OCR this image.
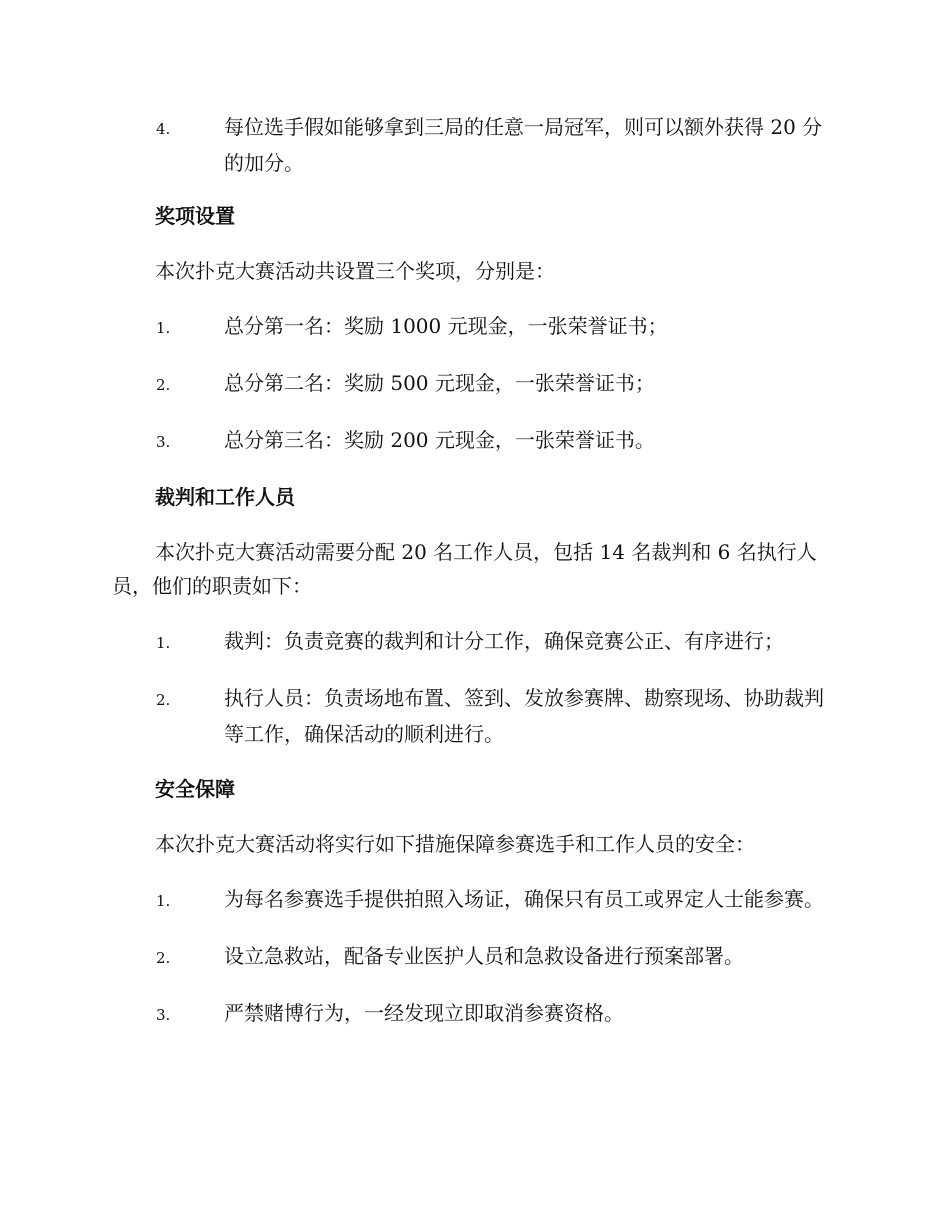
4.	每位选手假如能够拿到三局的任意一局冠军，则可以额外获得 20 分的加分。

奖项设置

本次扑克大赛活动共设置三个奖项，分别是：

1.	总分第一名：奖励 1000 元现金，一张荣誉证书；

2.	总分第二名：奖励 500 元现金，一张荣誉证书；

3.	总分第三名：奖励 200 元现金，一张荣誉证书。

裁判和工作人员

本次扑克大赛活动需要分配 20 名工作人员，包括 14 名裁判和 6 名执行人员，他们的职责如下：

1.	裁判：负责竞赛的裁判和计分工作，确保竞赛公正、有序进行；

2.	执行人员：负责场地布置、签到、发放参赛牌、勘察现场、协助裁判等工作，确保活动的顺利进行。

安全保障

本次扑克大赛活动将实行如下措施保障参赛选手和工作人员的安全：

1.	为每名参赛选手提供拍照入场证，确保只有员工或界定人士能参赛。

2.	设立急救站，配备专业医护人员和急救设备进行预案部署。

3.	严禁赌博行为，一经发现立即取消参赛资格。
